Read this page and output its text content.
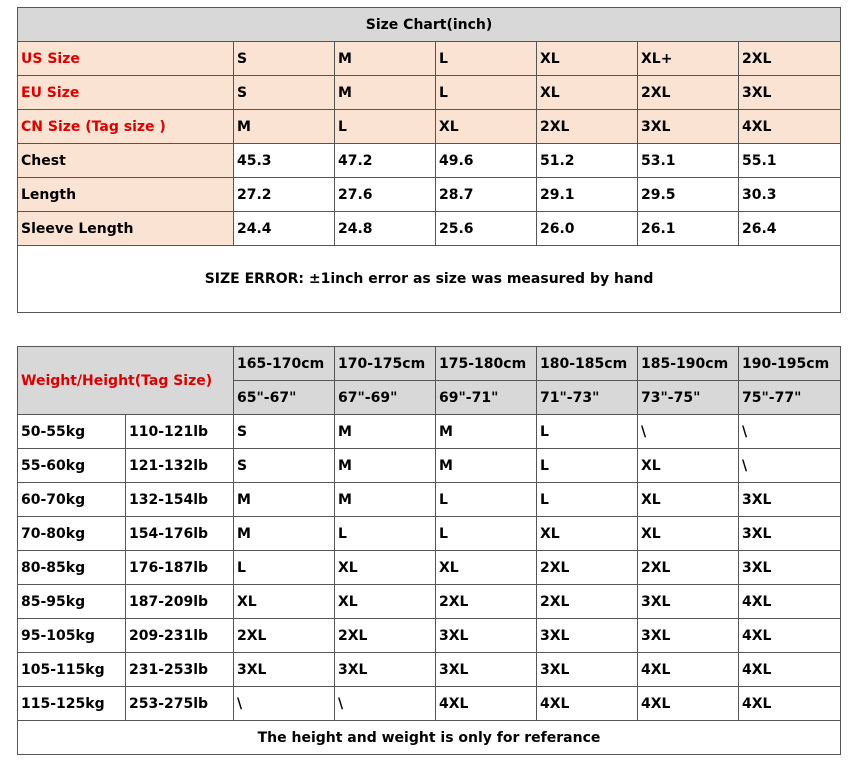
Size Chart(inch)						
US Size	S	M	L	XL	XL+	2XL
EU Size	S	M	L	XL	2XL	3XL
CN Size (Tag size )	M	L	XL	2XL	3XL	4XL
Chest	45.3	47.2	49.6	51.2	53.1	55.1
Length	27.2	27.6	28.7	29.1	29.5	30.3
Sleeve Length	24.4	24.8	25.6	26.0	26.1	26.4
SIZE ERROR: ±1inch error as size was measured by hand						
Weight/Height(Tag Size)		165-170cm	170-175cm	175-180cm	180-185cm	185-190cm	190-195cm
		65"-67"	67"-69"	69"-71"	71"-73"	73"-75"	75"-77"
50-55kg	110-121lb	S	M	M	L	\	\
55-60kg	121-132lb	S	M	M	L	XL	\
60-70kg	132-154lb	M	M	L	L	XL	3XL
70-80kg	154-176lb	M	L	L	XL	XL	3XL
80-85kg	176-187lb	L	XL	XL	2XL	2XL	3XL
85-95kg	187-209lb	XL	XL	2XL	2XL	3XL	4XL
95-105kg	209-231lb	2XL	2XL	3XL	3XL	3XL	4XL
105-115kg	231-253lb	3XL	3XL	3XL	3XL	4XL	4XL
115-125kg	253-275lb	\	\	4XL	4XL	4XL	4XL
The height and weight is only for referance							
